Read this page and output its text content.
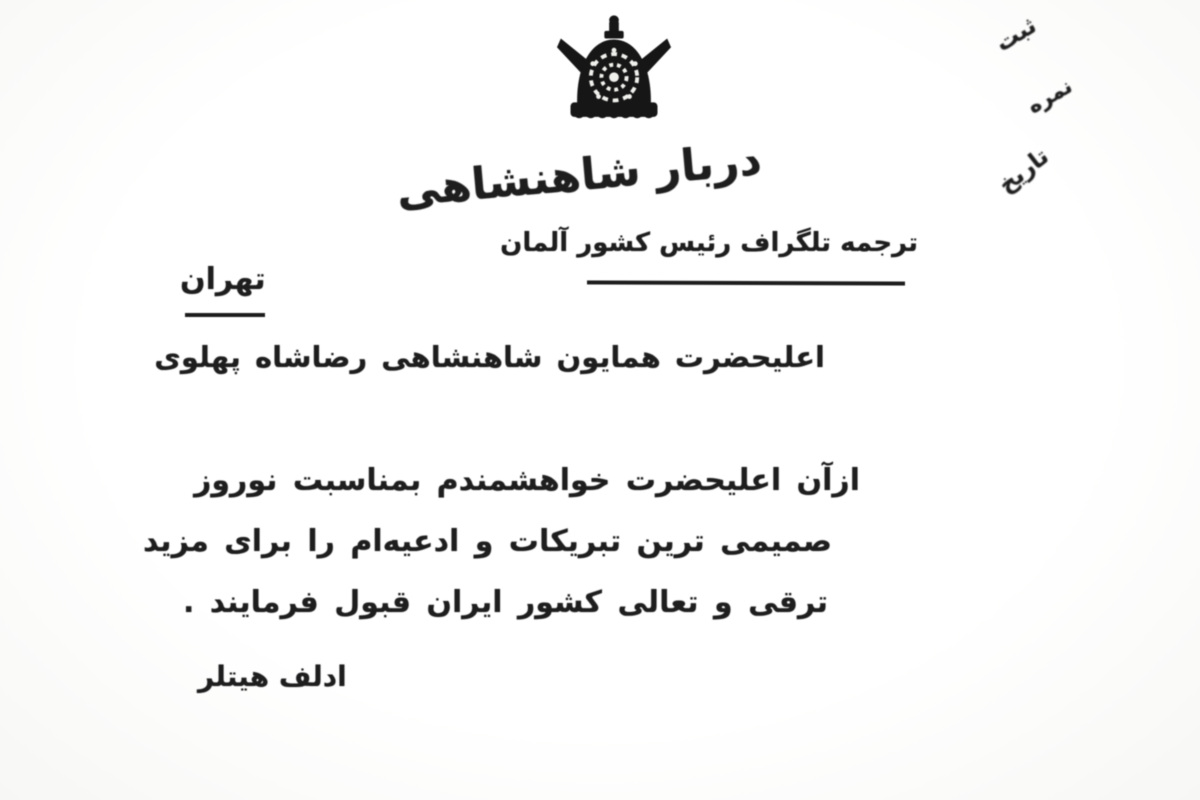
دربار شاهنشاهی
ترجمه تلگراف رئیس کشور آلمان
ثبت
نمره
تاریخ
تهران
اعلیحضرت همایون شاهنشاهی رضاشاه پهلوی
ازآن اعلیحضرت خواهشمندم بمناسبت نوروز
صمیمی ترین تبریکات و ادعیه‌ام را برای مزید
ترقی و تعالی کشور ایران قبول فرمایند .
ادلف هیتلر
